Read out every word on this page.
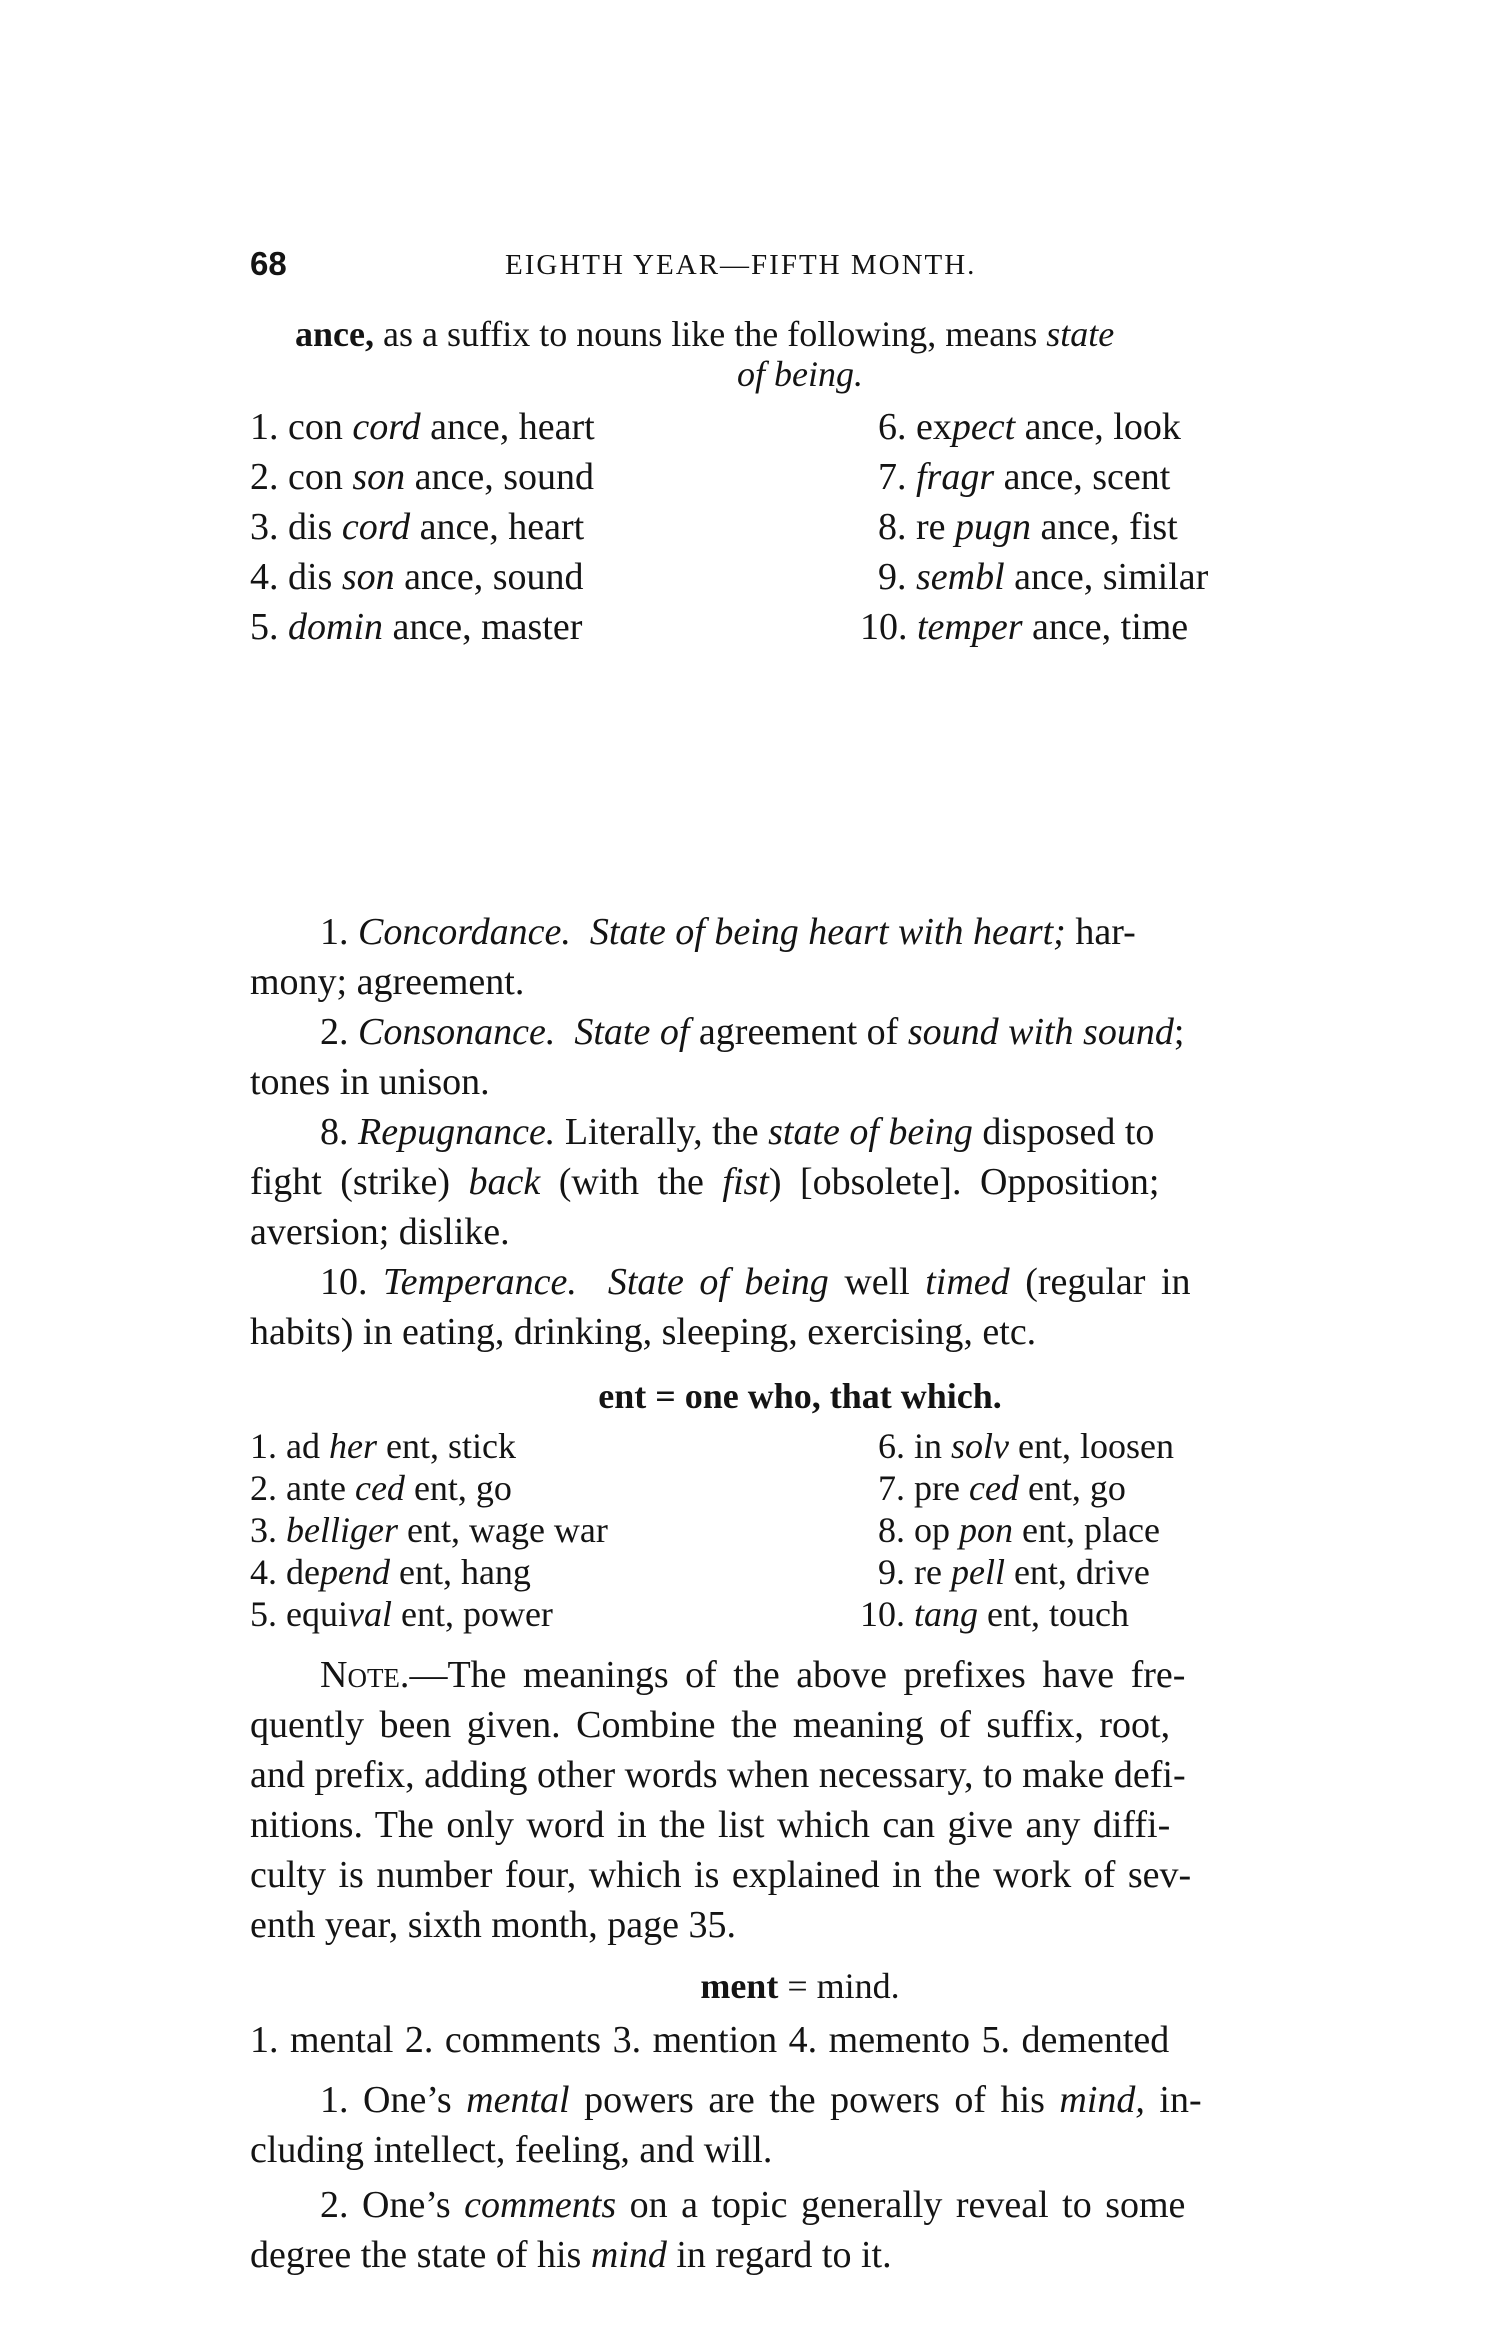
68	EIGHTH YEAR—FIFTH MONTH.
ance, as a suffix to nouns like the following, means state
of being.
1. con cord ance, heart
2. con son ance, sound
3. dis cord ance, heart
4. dis son ance, sound
5. domin ance, master
6. expect ance, look
7. fragr ance, scent
8. re pugn ance, fist
9. sembl ance, similar
10. temper ance, time
1. Concordance. State of being heart with heart; har-
mony; agreement.
2. Consonance. State of agreement of sound with sound;
tones in unison.
8. Repugnance. Literally, the state of being disposed to
fight (strike) back (with the fist) [obsolete]. Opposition;
aversion; dislike.
10. Temperance. State of being well timed (regular in
habits) in eating, drinking, sleeping, exercising, etc.
ent = one who, that which.
1. ad her ent, stick
2. ante ced ent, go
3. belliger ent, wage war
4. depend ent, hang
5. equival ent, power
6. in solv ent, loosen
7. pre ced ent, go
8. op pon ent, place
9. re pell ent, drive
10. tang ent, touch
Note.—The meanings of the above prefixes have fre-
quently been given. Combine the meaning of suffix, root,
and prefix, adding other words when necessary, to make defi-
nitions. The only word in the list which can give any diffi-
culty is number four, which is explained in the work of sev-
enth year, sixth month, page 35.
ment = mind.
1. mental 2. comments 3. mention 4. memento 5. demented
1. One’s mental powers are the powers of his mind, in-
cluding intellect, feeling, and will.
2. One’s comments on a topic generally reveal to some
degree the state of his mind in regard to it.
